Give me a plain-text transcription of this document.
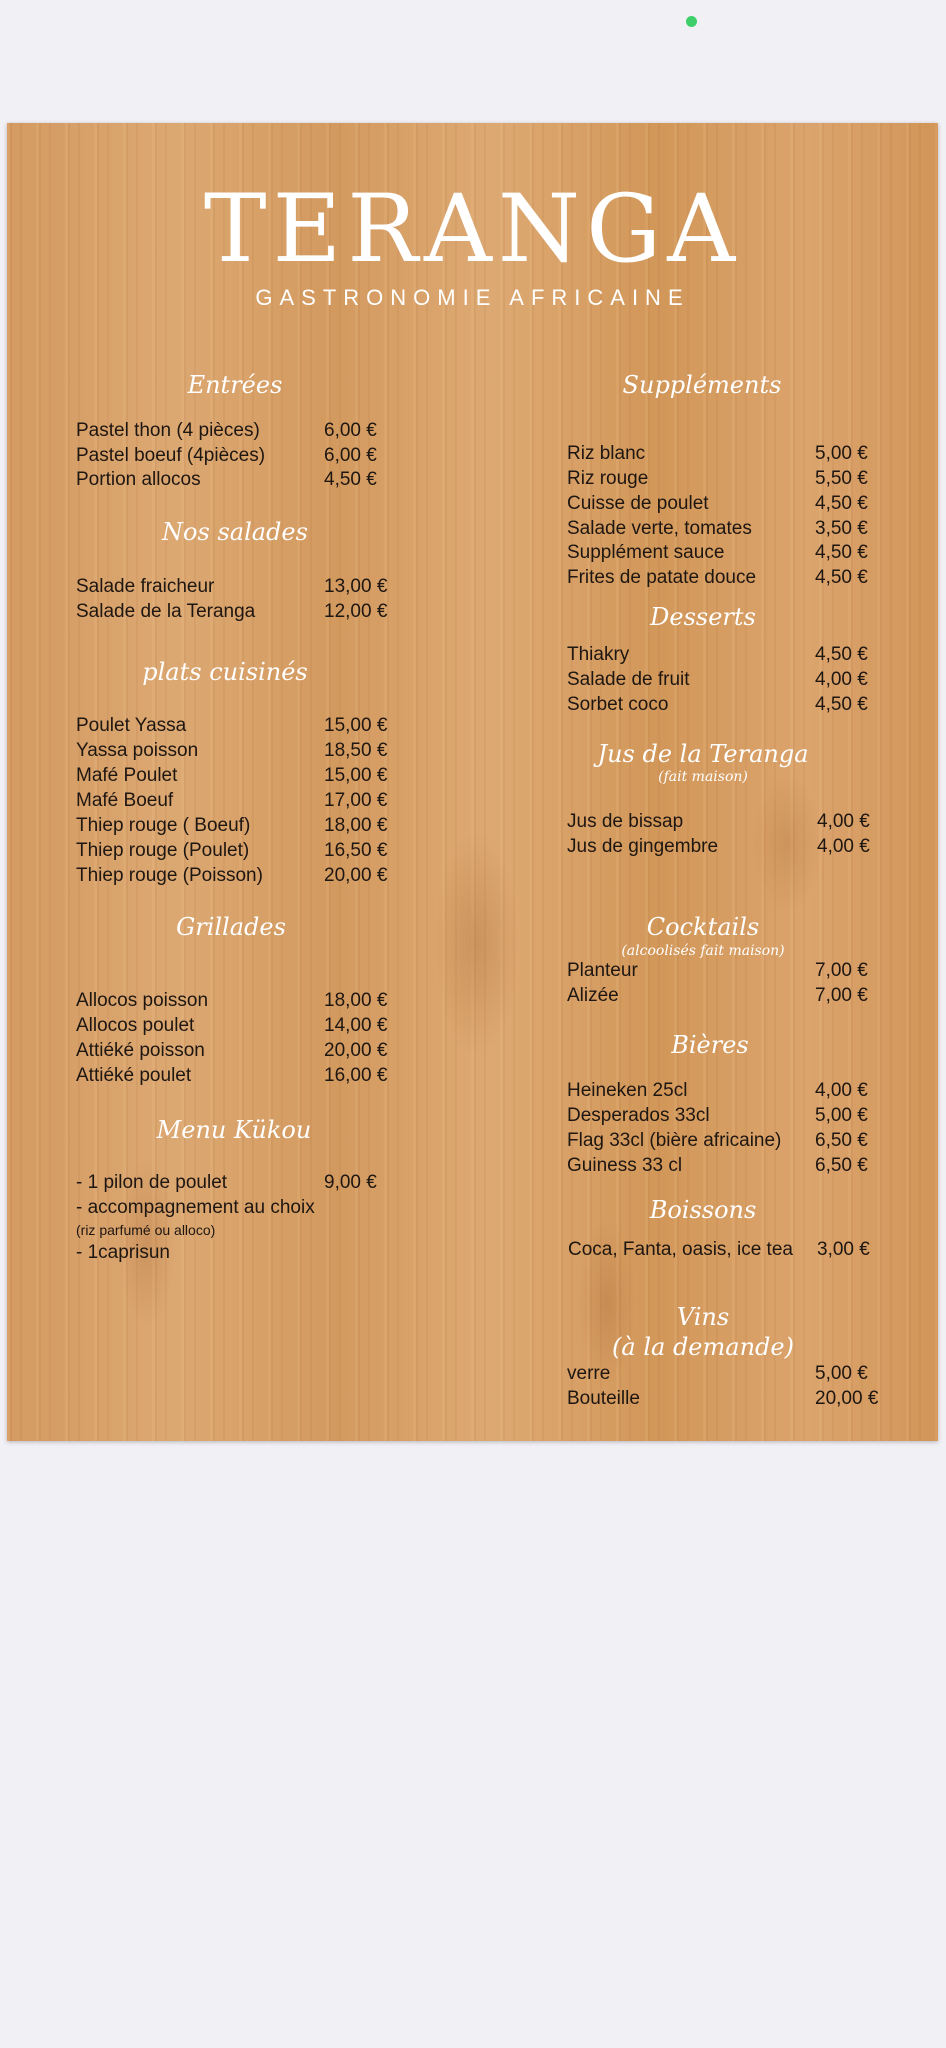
TERANGA
GASTRONOMIE AFRICAINE
Entrées
Pastel thon (4 pièces)	6,00 €
Pastel boeuf (4pièces)	6,00 €
Portion allocos	4,50 €
Nos salades
Salade fraicheur	13,00 €
Salade de la Teranga	12,00 €
plats cuisinés
Poulet Yassa	15,00 €
Yassa poisson	18,50 €
Mafé Poulet	15,00 €
Mafé Boeuf	17,00 €
Thiep rouge ( Boeuf)	18,00 €
Thiep rouge (Poulet)	16,50 €
Thiep rouge (Poisson)	20,00 €
Grillades
Allocos poisson	18,00 €
Allocos poulet	14,00 €
Attiéké poisson	20,00 €
Attiéké poulet	16,00 €
Menu Kükou
- 1 pilon de poulet	9,00 €
- accompagnement au choix
(riz parfumé ou alloco)
- 1caprisun
Suppléments
Riz blanc	5,00 €
Riz rouge	5,50 €
Cuisse de poulet	4,50 €
Salade verte, tomates	3,50 €
Supplément sauce	4,50 €
Frites de patate douce	4,50 €
Desserts
Thiakry	4,50 €
Salade de fruit	4,00 €
Sorbet coco	4,50 €
Jus de la Teranga
(fait maison)
Jus de bissap	4,00 €
Jus de gingembre	4,00 €
Cocktails
(alcoolisés fait maison)
Planteur	7,00 €
Alizée	7,00 €
Bières
Heineken 25cl	4,00 €
Desperados 33cl	5,00 €
Flag 33cl (bière africaine) 6,50 €
Guiness 33 cl	6,50 €
Boissons
Coca, Fanta, oasis, ice tea 3,00 €
Vins
(à la demande)
verre	5,00 €
Bouteille	20,00 €
